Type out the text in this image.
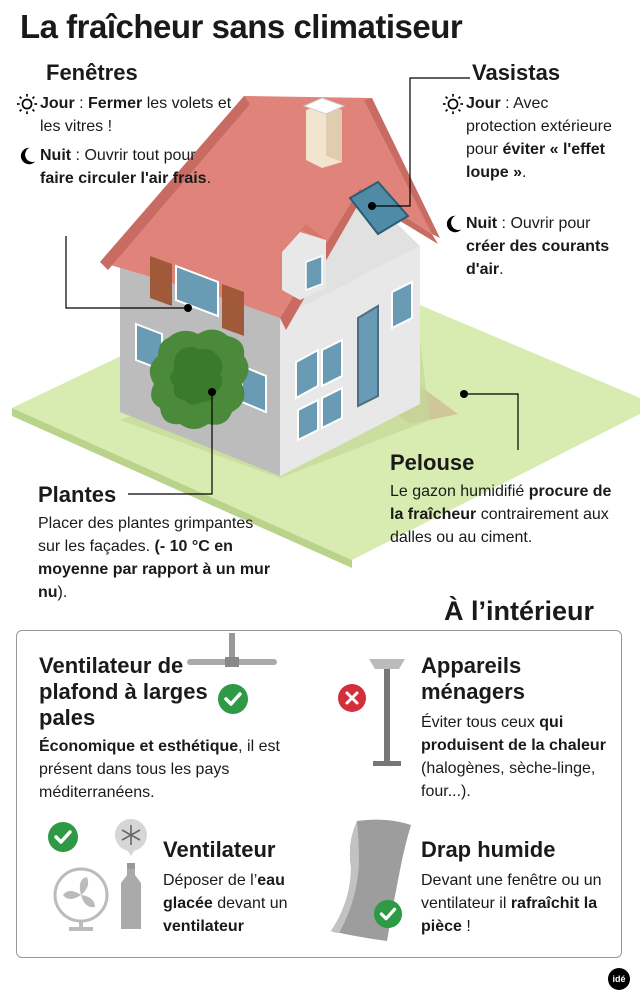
La fraîcheur sans climatiseur
Fenêtres
Jour : Fermer les volets et les vitres !
Nuit : Ouvrir tout pour faire circuler l'air frais.
Vasistas
Jour : Avec protection extérieure pour éviter « l'effet loupe ».
Nuit : Ouvrir pour créer des courants d'air.
Plantes
Placer des plantes grimpantes sur les façades. (- 10 °C en moyenne par rapport à un mur nu).
Pelouse
Le gazon humidifié procure de la fraîcheur contrairement aux dalles ou au ciment.
À l’intérieur
Ventilateur de plafond à larges pales
Économique et esthétique, il est présent dans tous les pays méditerranéens.
Appareils ménagers
Éviter tous ceux qui produisent de la chaleur (halogènes, sèche-linge, four...).
Ventilateur
Déposer de l’eau glacée devant un ventilateur
Drap humide
Devant une fenêtre ou un ventilateur il rafraîchit la pièce !
idé
